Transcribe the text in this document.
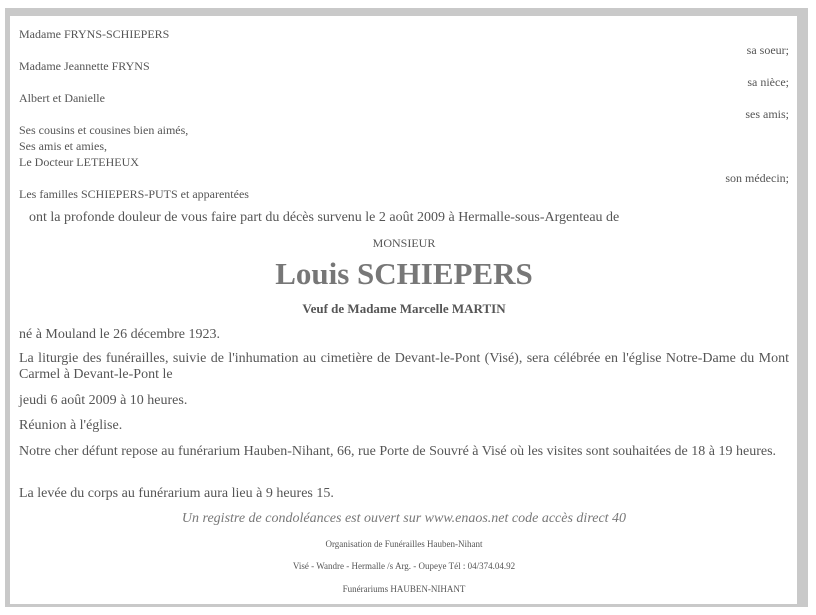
Madame FRYNS-SCHIEPERS
sa soeur;
Madame Jeannette FRYNS
sa nièce;
Albert et Danielle
ses amis;
Ses cousins et cousines bien aimés,
Ses amis et amies,
Le Docteur LETEHEUX
son médecin;
Les familles SCHIEPERS-PUTS et apparentées
ont la profonde douleur de vous faire part du décès survenu le 2 août 2009 à Hermalle-sous-Argenteau de
MONSIEUR
Louis SCHIEPERS
Veuf de Madame Marcelle MARTIN
né à Mouland le 26 décembre 1923.
La liturgie des funérailles, suivie de l'inhumation au cimetière de Devant-le-Pont (Visé), sera célébrée en l'église Notre-Dame du Mont Carmel à Devant-le-Pont le
jeudi 6 août 2009 à 10 heures.
Réunion à l'église.
Notre cher défunt repose au funérarium Hauben-Nihant, 66, rue Porte de Souvré à Visé où les visites sont souhaitées de 18 à 19 heures.
La levée du corps au funérarium aura lieu à 9 heures 15.
Un registre de condoléances est ouvert sur www.enaos.net code accès direct 40
Organisation de Funérailles Hauben-Nihant
Visé - Wandre - Hermalle /s Arg. - Oupeye Tél : 04/374.04.92
Funérariums HAUBEN-NIHANT
